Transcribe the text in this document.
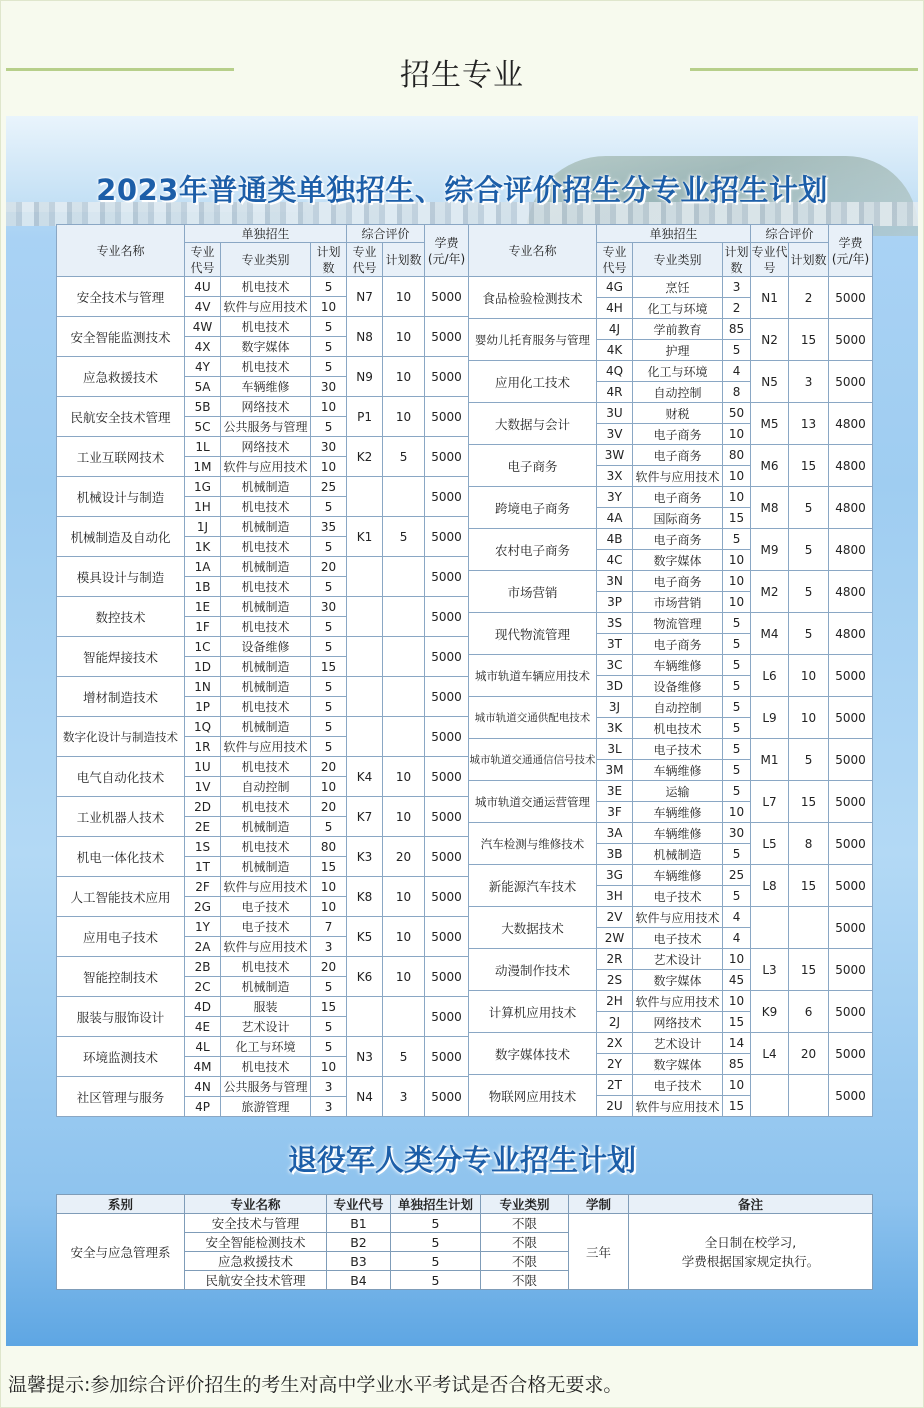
招生专业
2023年普通类单独招生、综合评价招生分专业招生计划
专业名称	单独招生			综合评价		学费(元/年)
	专业代号	专业类别	计划数	专业代号	计划数	
安全技术与管理	4U	机电技术	5	N7	10	5000
	4V	软件与应用技术	10			
安全智能监测技术	4W	机电技术	5	N8	10	5000
	4X	数字媒体	5			
应急救援技术	4Y	机电技术	5	N9	10	5000
	5A	车辆维修	30			
民航安全技术管理	5B	网络技术	10	P1	10	5000
	5C	公共服务与管理	5			
工业互联网技术	1L	网络技术	30	K2	5	5000
	1M	软件与应用技术	10			
机械设计与制造	1G	机械制造	25			5000
	1H	机电技术	5			
机械制造及自动化	1J	机械制造	35	K1	5	5000
	1K	机电技术	5			
模具设计与制造	1A	机械制造	20			5000
	1B	机电技术	5			
数控技术	1E	机械制造	30			5000
	1F	机电技术	5			
智能焊接技术	1C	设备维修	5			5000
	1D	机械制造	15			
增材制造技术	1N	机械制造	5			5000
	1P	机电技术	5			
数字化设计与制造技术	1Q	机械制造	5			5000
	1R	软件与应用技术	5			
电气自动化技术	1U	机电技术	20	K4	10	5000
	1V	自动控制	10			
工业机器人技术	2D	机电技术	20	K7	10	5000
	2E	机械制造	5			
机电一体化技术	1S	机电技术	80	K3	20	5000
	1T	机械制造	15			
人工智能技术应用	2F	软件与应用技术	10	K8	10	5000
	2G	电子技术	10			
应用电子技术	1Y	电子技术	7	K5	10	5000
	2A	软件与应用技术	3			
智能控制技术	2B	机电技术	20	K6	10	5000
	2C	机械制造	5			
服装与服饰设计	4D	服装	15			5000
	4E	艺术设计	5			
环境监测技术	4L	化工与环境	5	N3	5	5000
	4M	机电技术	10			
社区管理与服务	4N	公共服务与管理	3	N4	3	5000
	4P	旅游管理	3			
专业名称	单独招生			综合评价		学费(元/年)
	专业代号	专业类别	计划数	专业代号	计划数	
食品检验检测技术	4G	烹饪	3	N1	2	5000
	4H	化工与环境	2			
婴幼儿托育服务与管理	4J	学前教育	85	N2	15	5000
	4K	护理	5			
应用化工技术	4Q	化工与环境	4	N5	3	5000
	4R	自动控制	8			
大数据与会计	3U	财税	50	M5	13	4800
	3V	电子商务	10			
电子商务	3W	电子商务	80	M6	15	4800
	3X	软件与应用技术	10			
跨境电子商务	3Y	电子商务	10	M8	5	4800
	4A	国际商务	15			
农村电子商务	4B	电子商务	5	M9	5	4800
	4C	数字媒体	10			
市场营销	3N	电子商务	10	M2	5	4800
	3P	市场营销	10			
现代物流管理	3S	物流管理	5	M4	5	4800
	3T	电子商务	5			
城市轨道车辆应用技术	3C	车辆维修	5	L6	10	5000
	3D	设备维修	5			
城市轨道交通供配电技术	3J	自动控制	5	L9	10	5000
	3K	机电技术	5			
城市轨道交通通信信号技术	3L	电子技术	5	M1	5	5000
	3M	车辆维修	5			
城市轨道交通运营管理	3E	运输	5	L7	15	5000
	3F	车辆维修	10			
汽车检测与维修技术	3A	车辆维修	30	L5	8	5000
	3B	机械制造	5			
新能源汽车技术	3G	车辆维修	25	L8	15	5000
	3H	电子技术	5			
大数据技术	2V	软件与应用技术	4			5000
	2W	电子技术	4			
动漫制作技术	2R	艺术设计	10	L3	15	5000
	2S	数字媒体	45			
计算机应用技术	2H	软件与应用技术	10	K9	6	5000
	2J	网络技术	15			
数字媒体技术	2X	艺术设计	14	L4	20	5000
	2Y	数字媒体	85			
物联网应用技术	2T	电子技术	10			5000
	2U	软件与应用技术	15			
退役军人类分专业招生计划
系别	专业名称	专业代号	单独招生计划	专业类别	学制	备注
安全与应急管理系	安全技术与管理	B1	5	不限	三年	全日制在校学习,
学费根据国家规定执行。

	安全智能检测技术	B2	5	不限		
	应急救援技术	B3	5	不限		
	民航安全技术管理	B4	5	不限		
温馨提示:参加综合评价招生的考生对高中学业水平考试是否合格无要求。
